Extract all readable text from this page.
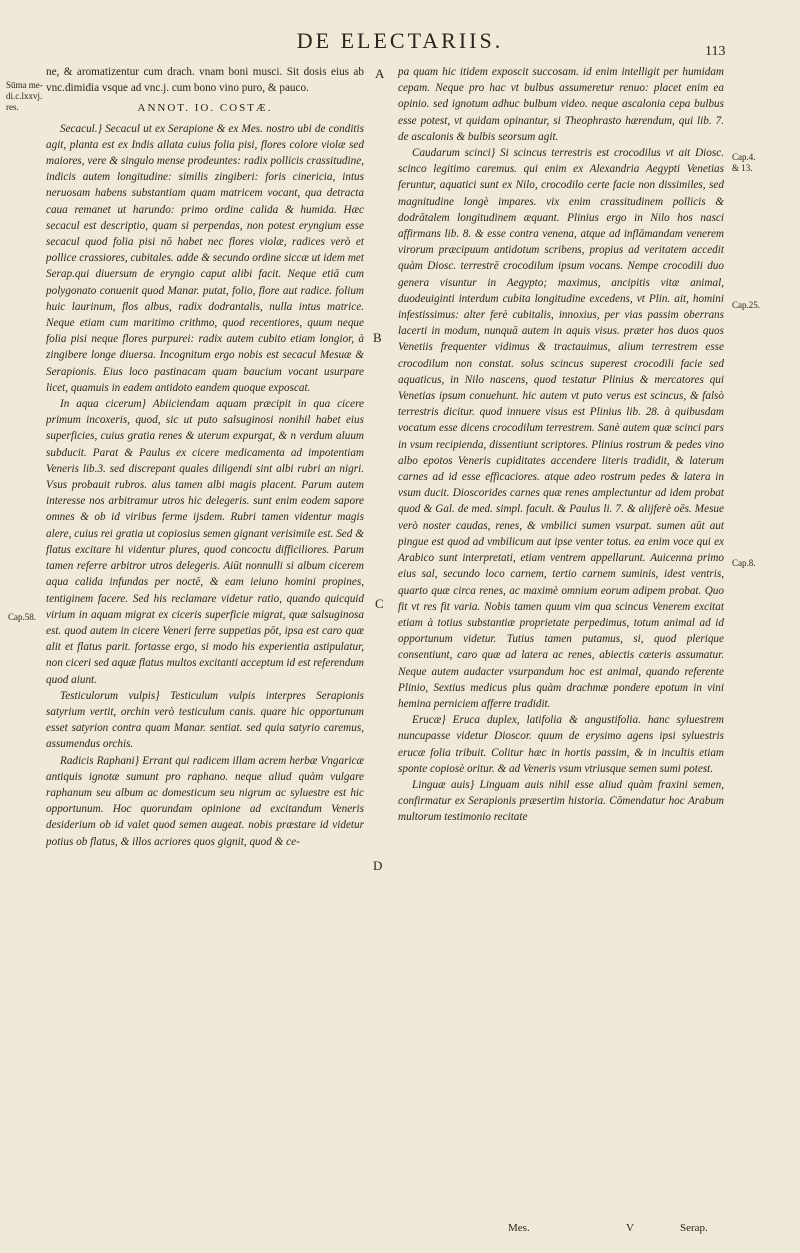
DE ELECTARIIS.	113
Sūma me-
di.c.lxxvj.
res.
Cap.58.
Cap.4.
& 13.
Cap.25.
Cap.8.
A
B
C
D

ne, & aromatizentur cum drach. vnam boni musci. Sit dosis eius ab vnc.dimidia vsque ad vnc.j. cum bono vino puro, & pauco.

ANNOT. IO. COSTÆ.

Secacul.} Secacul ut ex Serapione & ex Mes. nostro ubi de conditis agit, planta est ex Indis allata cuius folia pisi, flores colore violæ sed maiores, vere & singulo mense prodeuntes: radix pollicis crassitudine, indicis autem longitudine: similis zingiberi: foris cinericia, intus neruosam habens substantiam quam matricem vocant, qua detracta caua remanet ut harundo: primo ordine calida & humida. Hæc secacul est descriptio, quam si perpendas, non potest eryngium esse secacul quod folia pisi nō habet nec flores violæ, radices verò et pollice crassiores, cubitales. adde & secundo ordine siccæ ut idem met Serap.qui diuersum de eryngio caput alibi facit. Neque etiā cum polygonato conuenit quod Manar. putat, folio, flore aut radice. folium huic laurinum, flos albus, radix dodrantalis, nulla intus matrice. Neque etiam cum maritimo crithmo, quod recentiores, quum neque folia pisi neque flores purpurei: radix autem cubito etiam longior, à zingibere longe diuersa. Incognitum ergo nobis est secacul Mesuæ & Serapionis. Eius loco pastinacam quam baucium vocant usurpare licet, quamuis in eadem antidoto eandem quoque exposcat.

In aqua cicerum} Abiiciendam aquam præcipit in qua cicere primum incoxeris, quod, sic ut puto salsuginosi nonihil habet eius superficies, cuius gratia renes & uterum expurgat, & n verdum aluum subducit. Parat & Paulus ex cicere medicamenta ad impotentiam Veneris lib.3. sed discrepant quales diligendi sint albi rubri an nigri. Vsus probauit rubros. alus tamen albi magis placent. Parum autem interesse nos arbitramur utros hic delegeris. sunt enim eodem sapore omnes & ob id viribus ferme ijsdem. Rubri tamen videntur magis alere, cuius rei gratia ut copiosius semen gignant verisimile est. Sed & flatus excitare hi videntur plures, quod concoctu difficiliores. Parum tamen referre arbitror utros delegeris. Aiūt nonnulli si album cicerem aqua calida infundas per noctē, & eam ieiuno homini propines, tentiginem facere. Sed his reclamare videtur ratio, quando quicquid virium in aquam migrat ex ciceris superficie migrat, quæ salsuginosa est. quod autem in cicere Veneri ferre suppetias pōt, ipsa est caro quæ alit et flatus parit. fortasse ergo, si modo his experientia astipulatur, non ciceri sed aquæ flatus multos excitanti acceptum id est referendum quod aiunt.

Testiculorum vulpis} Testiculum vulpis interpres Serapionis satyrium vertit, orchin verò testiculum canis. quare hic opportunum esset satyrion contra quam Manar. sentiat. sed quia satyrio caremus, assumendus orchis.

Radicis Raphani} Errant qui radicem illam acrem herbæ Vngaricæ antiquis ignotæ sumunt pro raphano. neque aliud quàm vulgare raphanum seu album ac domesticum seu nigrum ac syluestre est hic opportunum. Hoc quorundam opinione ad excitandum Veneris desiderium ob id valet quod semen augeat. nobis præstare id videtur potius ob flatus, & illos acriores quos gignit, quod & ce-

pa quam hic itidem exposcit succosam. id enim intelligit per humidam cepam. Neque pro hac vt bulbus assumeretur renuo: placet enim ea opinio. sed ignotum adhuc bulbum video. neque ascalonia cepa bulbus esse potest, vt quidam opinantur, si Theophrasto hærendum, qui lib. 7. de ascalonis & bulbis seorsum agit.

Caudarum scinci} Si scincus terrestris est crocodilus vt ait Diosc. scinco legitimo caremus. qui enim ex Alexandria Aegypti Venetias feruntur, aquatici sunt ex Nilo, crocodilo certe facie non dissimiles, sed magnitudine longè impares. vix enim crassitudinem pollicis & dodrātalem longitudinem æquant. Plinius ergo in Nilo hos nasci affirmans lib. 8. & esse contra venena, atque ad inflāmandam venerem virorum præcipuum antidotum scribens, propius ad veritatem accedit quàm Diosc. terrestrē crocodilum ipsum vocans. Nempe crocodili duo genera visuntur in Aegypto; maximus, ancipitis vitæ animal, duodeuiginti interdum cubita longitudine excedens, vt Plin. ait, homini infestissimus: alter ferè cubitalis, innoxius, per vias passim oberrans lacerti in modum, nunquā autem in aquis visus. præter hos duos quos Venetiis frequenter vidimus & tractauimus, alium terrestrem esse crocodilum non constat. solus scincus superest crocodili facie sed aquaticus, in Nilo nascens, quod testatur Plinius & mercatores qui Venetias ipsum conuehunt. hic autem vt puto verus est scincus, & falsò terrestris dicitur. quod innuere visus est Plinius lib. 28. à quibusdam vocatum esse dicens crocodilum terrestrem. Sanè autem quæ scinci pars in vsum recipienda, dissentiunt scriptores. Plinius rostrum & pedes vino albo epotos Veneris cupiditates accendere literis tradidit, & laterum carnes ad id esse efficaciores. atque adeo rostrum pedes & latera in vsum ducit. Dioscorides carnes quæ renes amplectuntur ad idem probat quod & Gal. de med. simpl. facult. & Paulus li. 7. & alijferè oēs. Mesue verò noster caudas, renes, & vmbilici sumen vsurpat. sumen aūt aut pingue est quod ad vmbilicum aut ipse venter totus. ea enim voce qui ex Arabico sunt interpretati, etiam ventrem appellarunt. Auicenna primo eius sal, secundo loco carnem, tertio carnem suminis, idest ventris, quarto quæ circa renes, ac maximè omnium eorum adipem probat. Quo fit vt res fit varia. Nobis tamen quum vim qua scincus Venerem excitat etiam à totius substantiæ proprietate perpedimus, totum animal ad id opportunum videtur. Tutius tamen putamus, si, quod plerique consentiunt, caro quæ ad latera ac renes, abiectis cæteris assumatur. Neque autem audacter vsurpandum hoc est animal, quando referente Plinio, Sextius medicus plus quàm drachmæ pondere epotum in vini hemina perniciem afferre tradidit.

Erucæ} Eruca duplex, latifolia & angustifolia. hanc syluestrem nuncupasse videtur Dioscor. quum de erysimo agens ipsi syluestris erucæ folia tribuit. Colitur hæc in hortis passim, & in incultis etiam sponte copiosè oritur. & ad Veneris vsum vtriusque semen sumi potest.

Linguæ auis} Linguam auis nihil esse aliud quàm fraxini semen, confirmatur ex Serapionis præsertim historia. Cōmendatur hoc Arabum multorum testimonio recitate

Mes.	V	Serap.
